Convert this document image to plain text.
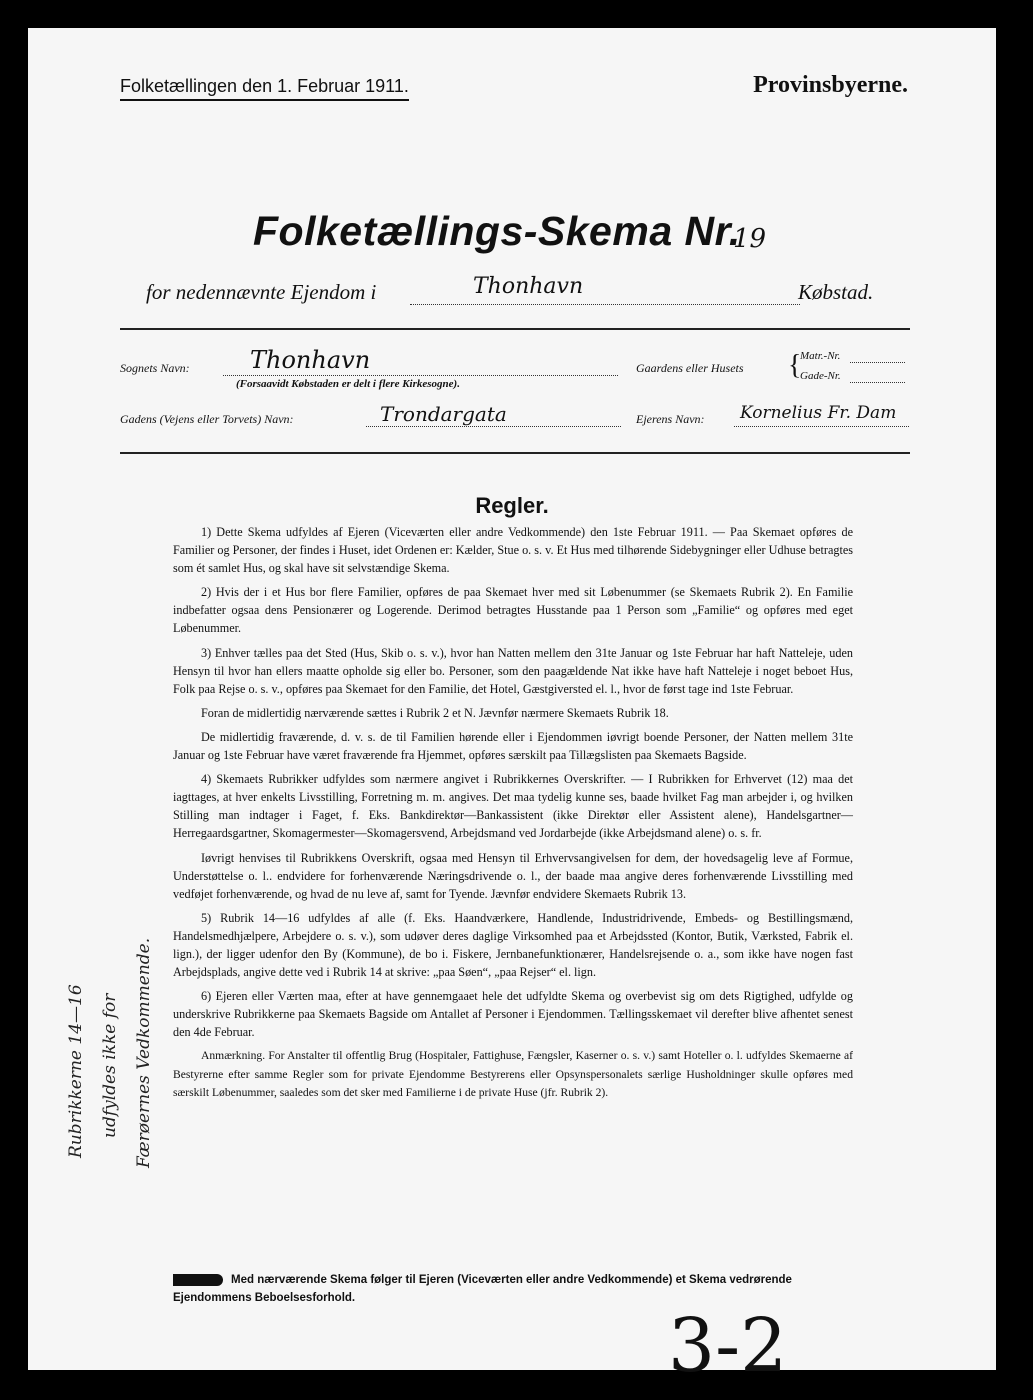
Folketællingen den 1. Februar 1911.	Provinsbyerne.
Folketællings-Skema Nr.
19
for nedennævnte Ejendom i	Thonhavn	Købstad.
Sognets Navn:	Thonhavn
(Forsaavidt Købstaden er delt i flere Kirkesogne).
Gaardens eller Husets {
Matr.-Nr.
Gade-Nr.
Gadens (Vejens eller Torvets) Navn:	Trondargata	Ejerens Navn: Kornelius Fr. Dam
Regler.

1) Dette Skema udfyldes af Ejeren (Viceværten eller andre Vedkommende) den 1ste Februar 1911. — Paa Skemaet opføres de Familier og Personer, der findes i Huset, idet Ordenen er: Kælder, Stue o. s. v. Et Hus med tilhørende Sidebygninger eller Udhuse betragtes som ét samlet Hus, og skal have sit selvstændige Skema.

2) Hvis der i et Hus bor flere Familier, opføres de paa Skemaet hver med sit Løbenummer (se Skemaets Rubrik 2). En Familie indbefatter ogsaa dens Pensionærer og Logerende. Derimod betragtes Husstande paa 1 Person som „Familie“ og opføres med eget Løbenummer.

3) Enhver tælles paa det Sted (Hus, Skib o. s. v.), hvor han Natten mellem den 31te Januar og 1ste Februar har haft Natteleje, uden Hensyn til hvor han ellers maatte opholde sig eller bo. Personer, som den paagældende Nat ikke have haft Natteleje i noget beboet Hus, Folk paa Rejse o. s. v., opføres paa Skemaet for den Familie, det Hotel, Gæstgiversted el. l., hvor de først tage ind 1ste Februar.

Foran de midlertidig nærværende sættes i Rubrik 2 et N. Jævnfør nærmere Skemaets Rubrik 18.

De midlertidig fraværende, d. v. s. de til Familien hørende eller i Ejendommen iøvrigt boende Personer, der Natten mellem 31te Januar og 1ste Februar have været fraværende fra Hjemmet, opføres særskilt paa Tillægslisten paa Skemaets Bagside.

4) Skemaets Rubrikker udfyldes som nærmere angivet i Rubrikkernes Overskrifter. — I Rubrikken for Erhvervet (12) maa det iagttages, at hver enkelts Livsstilling, Forretning m. m. angives. Det maa tydelig kunne ses, baade hvilket Fag man arbejder i, og hvilken Stilling man indtager i Faget, f. Eks. Bankdirektør—Bankassistent (ikke Direktør eller Assistent alene), Handelsgartner—Herregaardsgartner, Skomagermester—Skomagersvend, Arbejdsmand ved Jordarbejde (ikke Arbejdsmand alene) o. s. fr.

Iøvrigt henvises til Rubrikkens Overskrift, ogsaa med Hensyn til Erhvervsangivelsen for dem, der hovedsagelig leve af Formue, Understøttelse o. l.. endvidere for forhenværende Næringsdrivende o. l., der baade maa angive deres forhenværende Livsstilling med vedføjet forhenværende, og hvad de nu leve af, samt for Tyende. Jævnfør endvidere Skemaets Rubrik 13.

5) Rubrik 14—16 udfyldes af alle (f. Eks. Haandværkere, Handlende, Industridrivende, Embeds- og Bestillingsmænd, Handelsmedhjælpere, Arbejdere o. s. v.), som udøver deres daglige Virksomhed paa et Arbejdssted (Kontor, Butik, Værksted, Fabrik el. lign.), der ligger udenfor den By (Kommune), de bo i. Fiskere, Jernbanefunktionærer, Handelsrejsende o. a., som ikke have nogen fast Arbejdsplads, angive dette ved i Rubrik 14 at skrive: „paa Søen“, „paa Rejser“ el. lign.

6) Ejeren eller Værten maa, efter at have gennemgaaet hele det udfyldte Skema og overbevist sig om dets Rigtighed, udfylde og underskrive Rubrikkerne paa Skemaets Bagside om Antallet af Personer i Ejendommen. Tællingsskemaet vil derefter blive afhentet senest den 4de Februar.

Anmærkning. For Anstalter til offentlig Brug (Hospitaler, Fattighuse, Fængsler, Kaserner o. s. v.) samt Hoteller o. l. udfyldes Skemaerne af Bestyrerne efter samme Regler som for private Ejendomme Bestyrerens eller Opsynspersonalets særlige Husholdninger skulle opføres med særskilt Løbenummer, saaledes som det sker med Familierne i de private Huse (jfr. Rubrik 2).

Rubrikkerne 14—16 udfyldes ikke for Færøernes Vedkommende.
Med nærværende Skema følger til Ejeren (Viceværten eller andre Vedkommende) et Skema vedrørende Ejendommens Beboelsesforhold.
3-2
